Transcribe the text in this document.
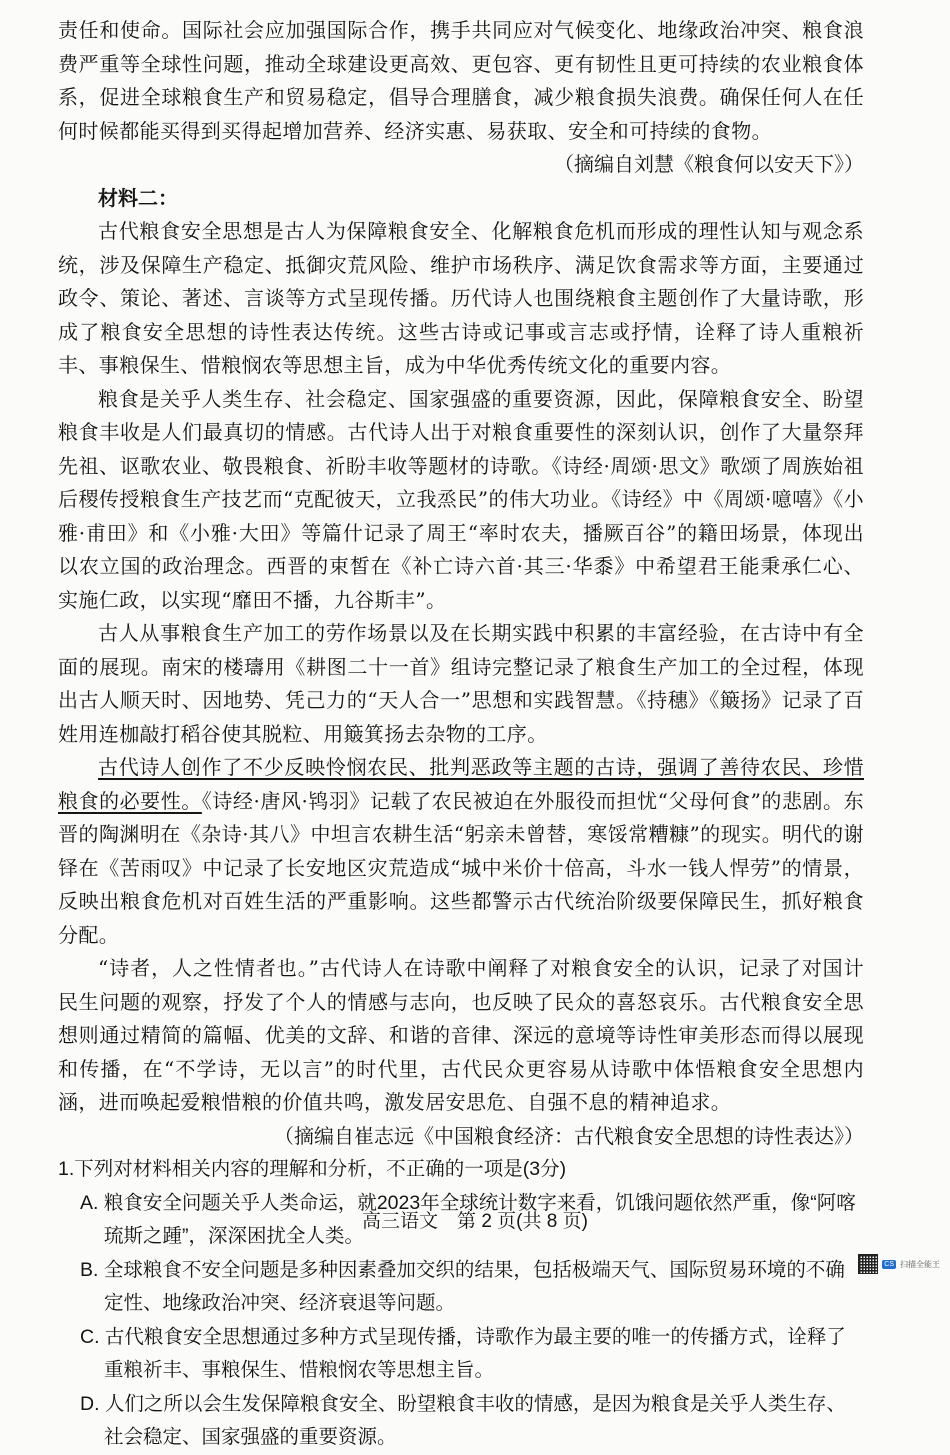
责任和使命。国际社会应加强国际合作，携手共同应对气候变化、地缘政治冲突、粮食浪费严重等全球性问题，推动全球建设更高效、更包容、更有韧性且更可持续的农业粮食体系，促进全球粮食生产和贸易稳定，倡导合理膳食，减少粮食损失浪费。确保任何人在任何时候都能买得到买得起增加营养、经济实惠、易获取、安全和可持续的食物。

（摘编自刘慧《粮食何以安天下》）

材料二：

古代粮食安全思想是古人为保障粮食安全、化解粮食危机而形成的理性认知与观念系统，涉及保障生产稳定、抵御灾荒风险、维护市场秩序、满足饮食需求等方面，主要通过政令、策论、著述、言谈等方式呈现传播。历代诗人也围绕粮食主题创作了大量诗歌，形成了粮食安全思想的诗性表达传统。这些古诗或记事或言志或抒情，诠释了诗人重粮祈丰、事粮保生、惜粮悯农等思想主旨，成为中华优秀传统文化的重要内容。

粮食是关乎人类生存、社会稳定、国家强盛的重要资源，因此，保障粮食安全、盼望粮食丰收是人们最真切的情感。古代诗人出于对粮食重要性的深刻认识，创作了大量祭拜先祖、讴歌农业、敬畏粮食、祈盼丰收等题材的诗歌。《诗经·周颂·思文》歌颂了周族始祖后稷传授粮食生产技艺而“克配彼天，立我烝民”的伟大功业。《诗经》中《周颂·噫嘻》《小雅·甫田》和《小雅·大田》等篇什记录了周王“率时农夫，播厥百谷”的籍田场景，体现出以农立国的政治理念。西晋的束皙在《补亡诗六首·其三·华黍》中希望君王能秉承仁心、实施仁政，以实现“靡田不播，九谷斯丰”。

古人从事粮食生产加工的劳作场景以及在长期实践中积累的丰富经验，在古诗中有全面的展现。南宋的楼璹用《耕图二十一首》组诗完整记录了粮食生产加工的全过程，体现出古人顺天时、因地势、凭己力的“天人合一”思想和实践智慧。《持穗》《簸扬》记录了百姓用连枷敲打稻谷使其脱粒、用簸箕扬去杂物的工序。

古代诗人创作了不少反映怜悯农民、批判恶政等主题的古诗，强调了善待农民、珍惜粮食的必要性。《诗经·唐风·鸨羽》记载了农民被迫在外服役而担忧“父母何食”的悲剧。东晋的陶渊明在《杂诗·其八》中坦言农耕生活“躬亲未曾替，寒馁常糟糠”的现实。明代的谢铎在《苦雨叹》中记录了长安地区灾荒造成“城中米价十倍高，斗水一钱人悍劳”的情景，反映出粮食危机对百姓生活的严重影响。这些都警示古代统治阶级要保障民生，抓好粮食分配。

“诗者，人之性情者也。”古代诗人在诗歌中阐释了对粮食安全的认识，记录了对国计民生问题的观察，抒发了个人的情感与志向，也反映了民众的喜怒哀乐。古代粮食安全思想则通过精简的篇幅、优美的文辞、和谐的音律、深远的意境等诗性审美形态而得以展现和传播，在“不学诗，无以言”的时代里，古代民众更容易从诗歌中体悟粮食安全思想内涵，进而唤起爱粮惜粮的价值共鸣，激发居安思危、自强不息的精神追求。

（摘编自崔志远《中国粮食经济：古代粮食安全思想的诗性表达》）

1.下列对材料相关内容的理解和分析，不正确的一项是(3分)

A. 粮食安全问题关乎人类命运，就2023年全球统计数字来看，饥饿问题依然严重，像“阿喀琉斯之踵”，深深困扰全人类。

B. 全球粮食不安全问题是多种因素叠加交织的结果，包括极端天气、国际贸易环境的不确定性、地缘政治冲突、经济衰退等问题。

C. 古代粮食安全思想通过多种方式呈现传播，诗歌作为最主要的唯一的传播方式，诠释了重粮祈丰、事粮保生、惜粮悯农等思想主旨。

D. 人们之所以会生发保障粮食安全、盼望粮食丰收的情感，是因为粮食是关乎人类生存、社会稳定、国家强盛的重要资源。

高三语文　第 2 页(共 8 页)
CS 扫描全能王
